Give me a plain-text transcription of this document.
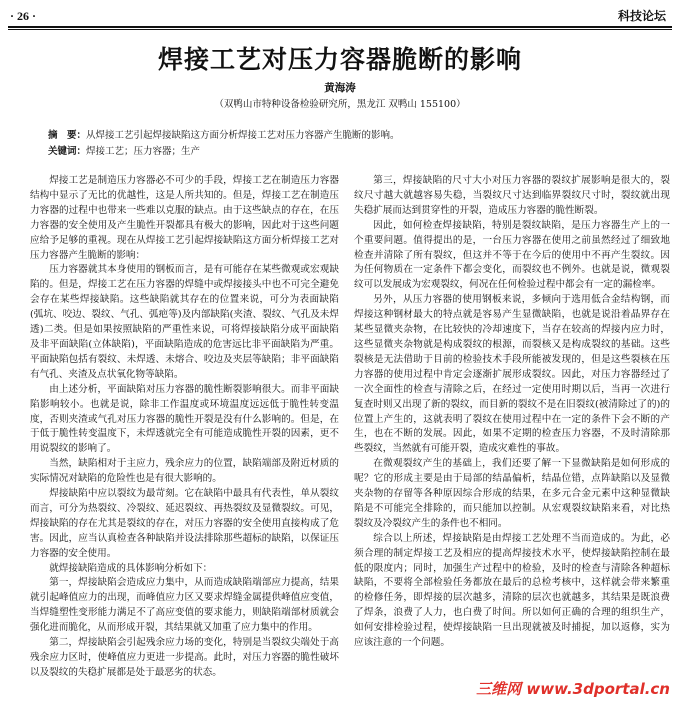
· 26 ·	科技论坛
焊接工艺对压力容器脆断的影响
黄海涛
（双鸭山市特种设备检验研究所，黑龙江 双鸭山 155100）
摘　要：从焊接工艺引起焊接缺陷这方面分析焊接工艺对压力容器产生脆断的影响。
关键词：焊接工艺；压力容器；生产

焊接工艺是制造压力容器必不可少的手段，焊接工艺在制造压力容器结构中显示了无比的优越性，这是人所共知的。但是，焊接工艺在制造压力容器的过程中也带来一些难以克服的缺点。由于这些缺点的存在，在压力容器的安全使用及产生脆性开裂都具有极大的影响，因此对于这些问题应给予足够的重视。现在从焊接工艺引起焊接缺陷这方面分析焊接工艺对压力容器产生脆断的影响：

压力容器就其本身使用的钢板而言，是有可能存在某些微观或宏观缺陷的。但是，焊接工艺在压力容器的焊缝中或焊接接头中也不可完全避免会存在某些焊接缺陷。这些缺陷就其存在的位置来说，可分为表面缺陷(弧坑、咬边、裂纹、气孔、弧疤等)及内部缺陷(夹渣、裂纹、气孔及未焊透)二类。但是如果按照缺陷的严重性来说，可将焊接缺陷分成平面缺陷及非平面缺陷(立体缺陷)，平面缺陷造成的危害远比非平面缺陷为严重。平面缺陷包括有裂纹、未焊透、未熔合、咬边及夹层等缺陷；非平面缺陷有气孔、夹渣及点状氧化物等缺陷。

由上述分析，平面缺陷对压力容器的脆性断裂影响很大。而非平面缺陷影响较小。也就是说，除非工作温度或环境温度远远低于脆性转变温度，否则夹渣或气孔对压力容器的脆性开裂是没有什么影响的。但是，在于低于脆性转变温度下，未焊透就完全有可能造成脆性开裂的因素，更不用说裂纹的影响了。

当然，缺陷相对于主应力，残余应力的位置，缺陷端部及附近材质的实际情况对缺陷的危险性也是有很大影响的。

焊接缺陷中应以裂纹为最苛刻。它在缺陷中最具有代表性，单从裂纹而言，可分为热裂纹、冷裂纹、延迟裂纹、再热裂纹及显微裂纹。可见，焊接缺陷的存在尤其是裂纹的存在，对压力容器的安全使用直接构成了危害。因此，应当认真检查各种缺陷并设法排除那些超标的缺陷，以保证压力容器的安全使用。

就焊接缺陷造成的具体影响分析如下：

第一，焊接缺陷会造成应力集中，从而造成缺陷端部应力提高，结果就引起峰值应力的出现，而峰值应力区又要求焊缝金属提供峰值应变值，当焊缝塑性变形能力满足不了高应变值的要求能力，则缺陷端部材质就会强化进而脆化，从而形成开裂，其结果就又加重了应力集中的作用。

第二，焊接缺陷会引起残余应力场的变化，特别是当裂纹尖端处于高残余应力区时，使峰值应力更进一步提高。此时，对压力容器的脆性破坏以及裂纹的失稳扩展都是处于最恶劣的状态。

第三，焊接缺陷的尺寸大小对压力容器的裂纹扩展影响是很大的，裂纹尺寸越大就越容易失稳，当裂纹尺寸达到临界裂纹尺寸时，裂纹就出现失稳扩展而达到贯穿性的开裂，造成压力容器的脆性断裂。

因此，如何检查焊接缺陷，特别是裂纹缺陷，是压力容器生产上的一个重要问题。值得提出的是，一台压力容器在使用之前虽然经过了细致地检查并清除了所有裂纹，但这并不等于在今后的使用中不再产生裂纹。因为任何物质在一定条件下都会变化，而裂纹也不例外。也就是说，微观裂纹可以发展成为宏观裂纹，何况在任何检验过程中都会有一定的漏检率。

另外，从压力容器的使用钢板来说，多倾向于选用低合金结构钢，而焊接这种钢材最大的特点就是容易产生显微缺陷，也就是说沿着晶界存在某些显微夹杂物，在比较快的冷却速度下，当存在较高的焊接内应力时，这些显微夹杂物就是构成裂纹的根源，而裂核又是构成裂纹的基础。这些裂核是无法借助于目前的检验技术手段所能被发现的，但是这些裂核在压力容器的使用过程中肯定会逐渐扩展形成裂纹。因此，对压力容器经过了一次全面性的检查与清除之后，在经过一定使用时期以后，当再一次进行复查时则又出现了新的裂纹，而目新的裂纹不是在旧裂纹(被清除过了的)的位置上产生的，这就表明了裂纹在使用过程中在一定的条件下会不断的产生，也在不断的发展。因此，如果不定期的检查压力容器，不及时清除那些裂纹，当然就有可能开裂，造成灾难性的事故。

在微观裂纹产生的基础上，我们还要了解一下显微缺陷是如何形成的呢？它的形成主要是由于局部的结晶偏析，结晶位错，点阵缺陷以及显微夹杂物的存留等各种原因综合形成的结果，在多元合金元素中这种显微缺陷是不可能完全排除的，而只能加以控制。从宏观裂纹缺陷来看，对比热裂纹及冷裂纹产生的条件也不相同。

综合以上所述，焊接缺陷是由焊接工艺处理不当而造成的。为此，必须合理的制定焊接工艺及相应的提高焊接技术水平，使焊接缺陷控制在最低的限度内；同时，加强生产过程中的检验，及时的检查与清除各种超标缺陷，不要将全部检验任务都放在最后的总检考核中，这样就会带来繁重的检修任务，即焊接的层次越多，清除的层次也就越多，其结果是既浪费了焊条，浪费了人力，也白费了时间。所以如何正确的合理的组织生产，如何安排检验过程，使焊接缺陷一旦出现就被及时捕捉，加以返修，实为应该注意的一个问题。

三维网 www.3dportal.cn
